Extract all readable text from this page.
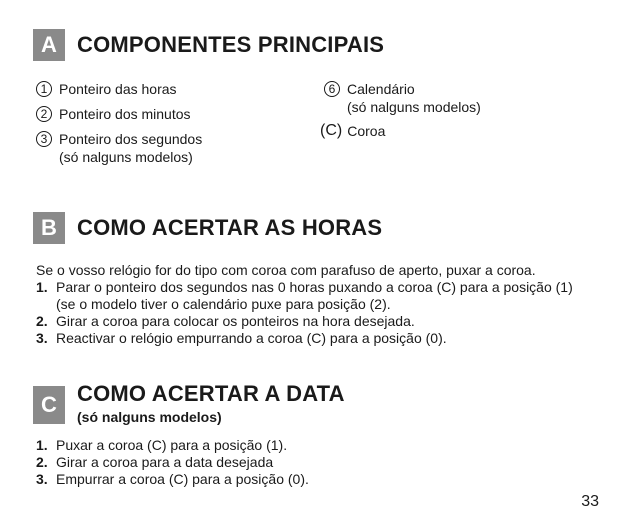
A COMPONENTES PRINCIPAIS
1 Ponteiro das horas
2 Ponteiro dos minutos
3 Ponteiro dos segundos
(só nalguns modelos)
6 Calendário
(só nalguns modelos)
(C) Coroa
B COMO ACERTAR AS HORAS
Se o vosso relógio for do tipo com coroa com parafuso de aperto, puxar a coroa.
1. Parar o ponteiro dos segundos nas 0 horas puxando a coroa (C) para a posição (1)
(se o modelo tiver o calendário puxe para posição (2).
2. Girar a coroa para colocar os ponteiros na hora desejada.
3. Reactivar o relógio empurrando a coroa (C) para a posição (0).
C COMO ACERTAR A DATA
(só nalguns modelos)
1. Puxar a coroa (C) para a posição (1).
2. Girar a coroa para a data desejada
3. Empurrar a coroa (C) para a posição (0).
33
